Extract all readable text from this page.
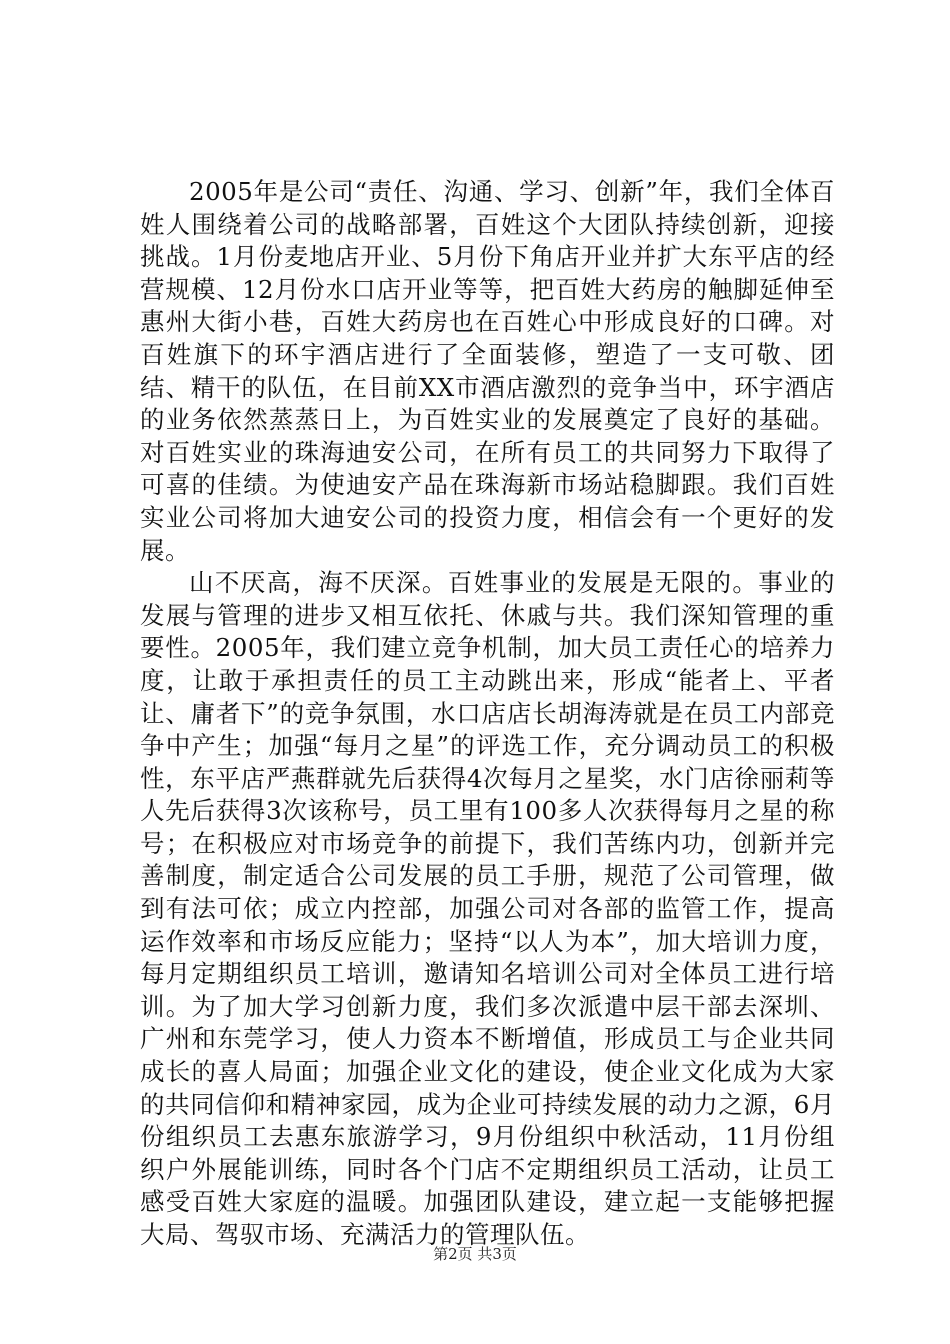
2005年是公司“责任、沟通、学习、创新”年，我们全体百姓人围绕着公司的战略部署，百姓这个大团队持续创新，迎接挑战。1月份麦地店开业、5月份下角店开业并扩大东平店的经营规模、12月份水口店开业等等，把百姓大药房的触脚延伸至惠州大街小巷，百姓大药房也在百姓心中形成良好的口碑。对百姓旗下的环宇酒店进行了全面装修，塑造了一支可敬、团结、精干的队伍，在目前XX市酒店激烈的竞争当中，环宇酒店的业务依然蒸蒸日上，为百姓实业的发展奠定了良好的基础。对百姓实业的珠海迪安公司，在所有员工的共同努力下取得了可喜的佳绩。为使迪安产品在珠海新市场站稳脚跟。我们百姓实业公司将加大迪安公司的投资力度，相信会有一个更好的发展。

山不厌高，海不厌深。百姓事业的发展是无限的。事业的发展与管理的进步又相互依托、休戚与共。我们深知管理的重要性。2005年，我们建立竞争机制，加大员工责任心的培养力度，让敢于承担责任的员工主动跳出来，形成“能者上、平者让、庸者下”的竞争氛围，水口店店长胡海涛就是在员工内部竞争中产生；加强“每月之星”的评选工作，充分调动员工的积极性，东平店严燕群就先后获得4次每月之星奖，水门店徐丽莉等人先后获得3次该称号，员工里有100多人次获得每月之星的称号；在积极应对市场竞争的前提下，我们苦练内功，创新并完善制度，制定适合公司发展的员工手册，规范了公司管理，做到有法可依；成立内控部，加强公司对各部的监管工作，提高运作效率和市场反应能力；坚持“以人为本”，加大培训力度，每月定期组织员工培训，邀请知名培训公司对全体员工进行培训。为了加大学习创新力度，我们多次派遣中层干部去深圳、广州和东莞学习，使人力资本不断增值，形成员工与企业共同成长的喜人局面；加强企业文化的建设，使企业文化成为大家的共同信仰和精神家园，成为企业可持续发展的动力之源，6月份组织员工去惠东旅游学习，9月份组织中秋活动，11月份组织户外展能训练，同时各个门店不定期组织员工活动，让员工感受百姓大家庭的温暖。加强团队建设，建立起一支能够把握大局、驾驭市场、充满活力的管理队伍。

第2页 共3页
